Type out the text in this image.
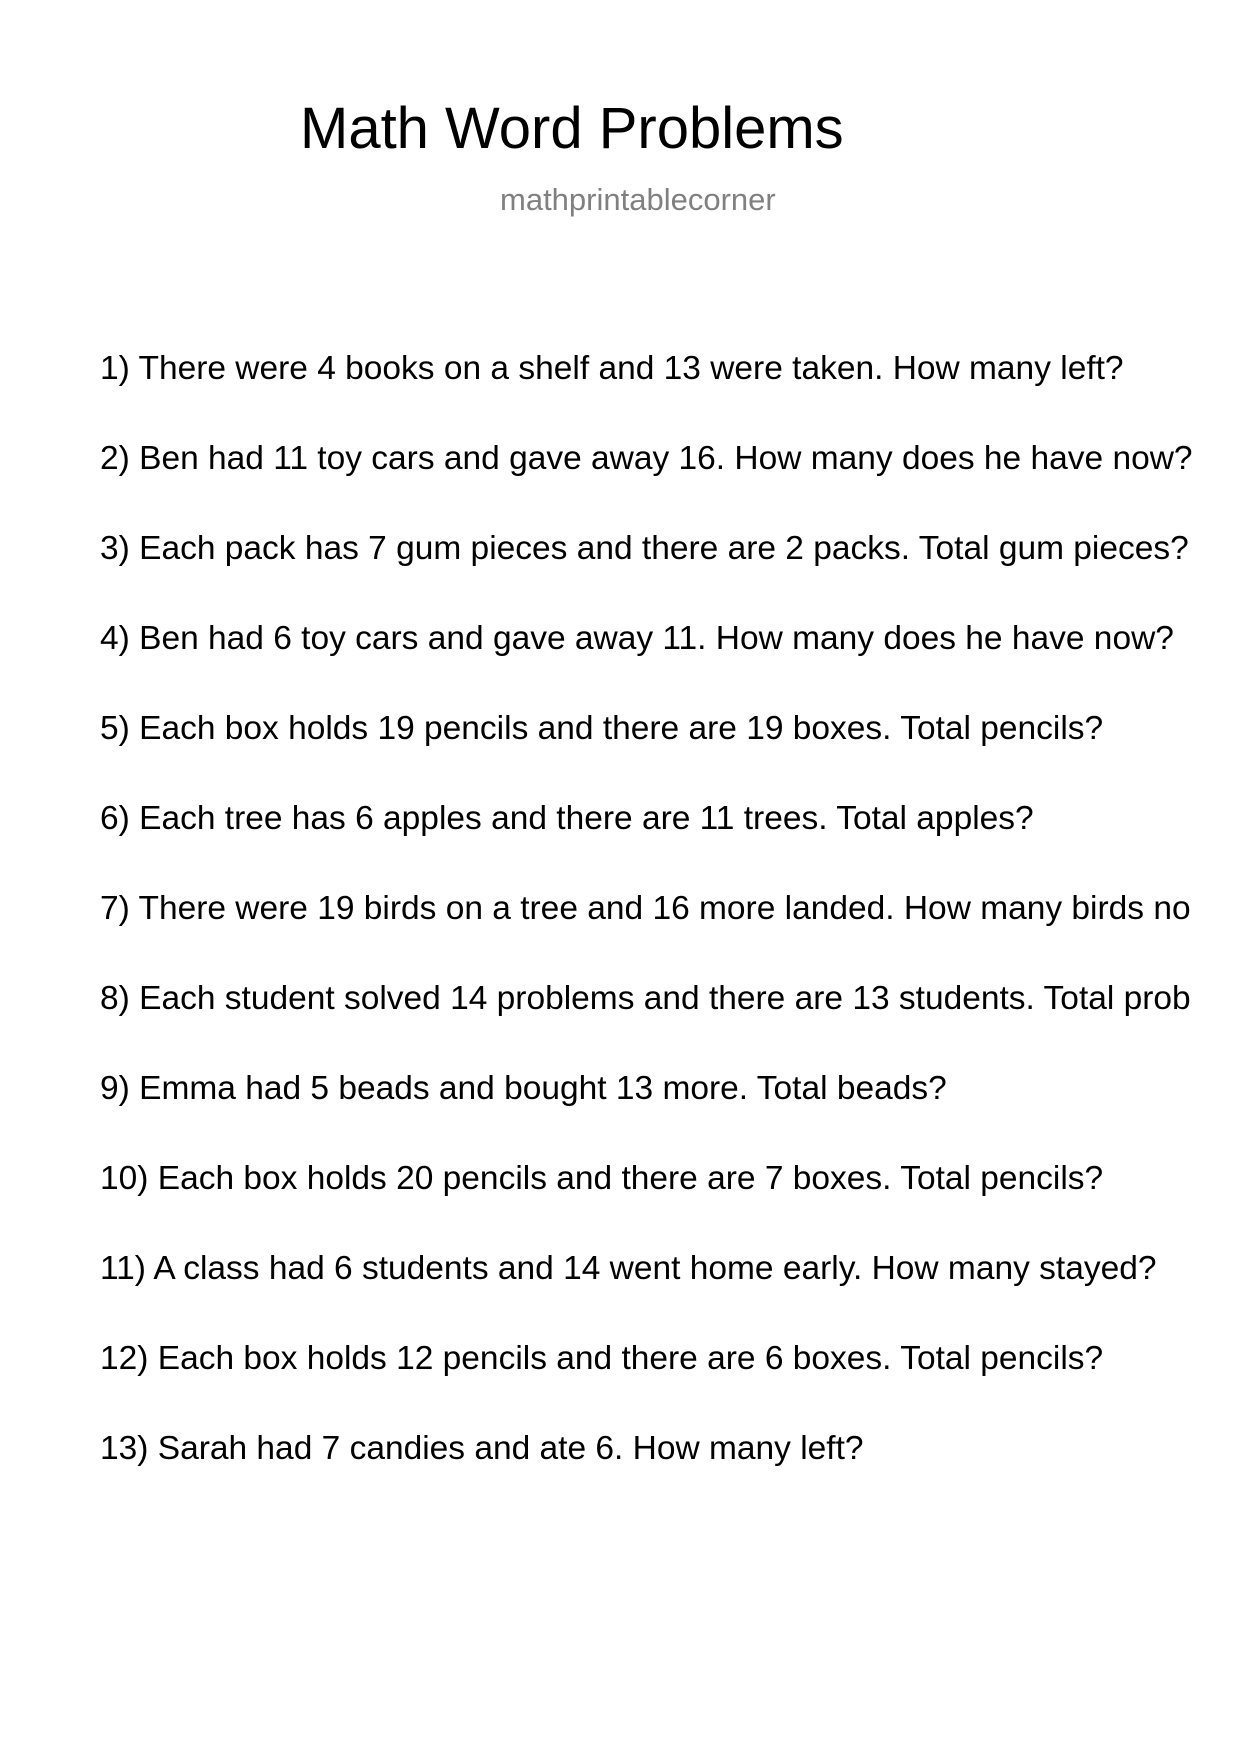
Math Word Problems
mathprintablecorner
1) There were 4 books on a shelf and 13 were taken. How many left?
2) Ben had 11 toy cars and gave away 16. How many does he have now?
3) Each pack has 7 gum pieces and there are 2 packs. Total gum pieces?
4) Ben had 6 toy cars and gave away 11. How many does he have now?
5) Each box holds 19 pencils and there are 19 boxes. Total pencils?
6) Each tree has 6 apples and there are 11 trees. Total apples?
7) There were 19 birds on a tree and 16 more landed. How many birds no
8) Each student solved 14 problems and there are 13 students. Total prob
9) Emma had 5 beads and bought 13 more. Total beads?
10) Each box holds 20 pencils and there are 7 boxes. Total pencils?
11) A class had 6 students and 14 went home early. How many stayed?
12) Each box holds 12 pencils and there are 6 boxes. Total pencils?
13) Sarah had 7 candies and ate 6. How many left?
